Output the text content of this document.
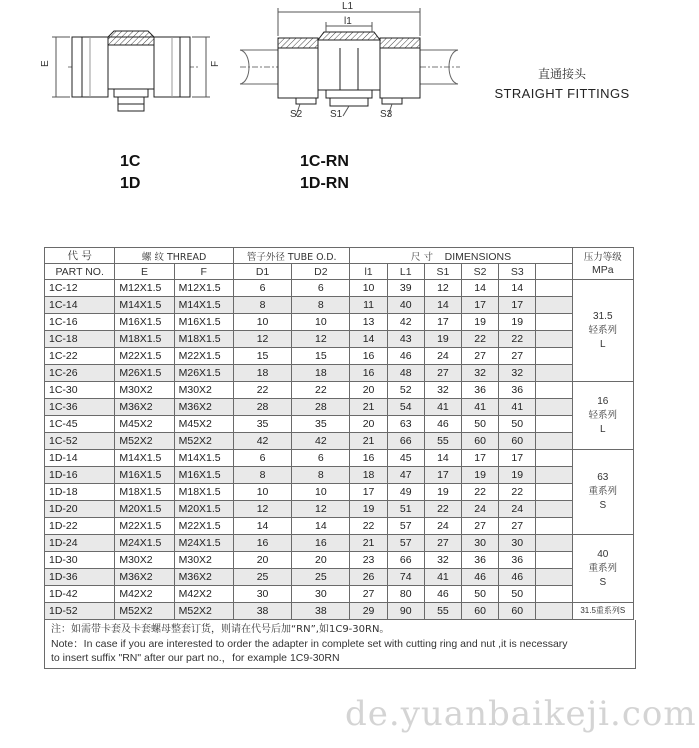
E	F
L1
l1
S2	S1	S3
直通接头
STRAIGHT FITTINGS
1C
1D
1C-RN
1D-RN
代 号	螺 纹 THREAD		管子外径 TUBE O.D.		尺 寸 DIMENSIONS						压力等级
MPa
PART NO.	E	F	D1	D2	l1	L1	S1	S2	S3		
1C-12	M12X1.5	M12X1.5	6	6	10	39	12	14	14		31.5
轻系列
L

1C-14	M14X1.5	M14X1.5	8	8	11	40	14	17	17		
1C-16	M16X1.5	M16X1.5	10	10	13	42	17	19	19		
1C-18	M18X1.5	M18X1.5	12	12	14	43	19	22	22		
1C-22	M22X1.5	M22X1.5	15	15	16	46	24	27	27		
1C-26	M26X1.5	M26X1.5	18	18	16	48	27	32	32		
1C-30	M30X2	M30X2	22	22	20	52	32	36	36		16
轻系列
L

1C-36	M36X2	M36X2	28	28	21	54	41	41	41		
1C-45	M45X2	M45X2	35	35	20	63	46	50	50		
1C-52	M52X2	M52X2	42	42	21	66	55	60	60		
1D-14	M14X1.5	M14X1.5	6	6	16	45	14	17	17		63
重系列
S

1D-16	M16X1.5	M16X1.5	8	8	18	47	17	19	19		
1D-18	M18X1.5	M18X1.5	10	10	17	49	19	22	22		
1D-20	M20X1.5	M20X1.5	12	12	19	51	22	24	24		
1D-22	M22X1.5	M22X1.5	14	14	22	57	24	27	27		
1D-24	M24X1.5	M24X1.5	16	16	21	57	27	30	30		40
重系列
S

1D-30	M30X2	M30X2	20	20	23	66	32	36	36		
1D-36	M36X2	M36X2	25	25	26	74	41	46	46		
1D-42	M42X2	M42X2	30	30	27	80	46	50	50		
1D-52	M52X2	M52X2	38	38	29	90	55	60	60		31.5重系列S
注：如需带卡套及卡套螺母整套订货，则请在代号后加“RN”,如1C9-30RN。
Note：In case if you are interested to order the adapter in complete set with cutting ring and nut ,it is necessary
to insert suffix "RN" after our part no.，for example 1C9-30RN
de.yuanbaikeji.com
